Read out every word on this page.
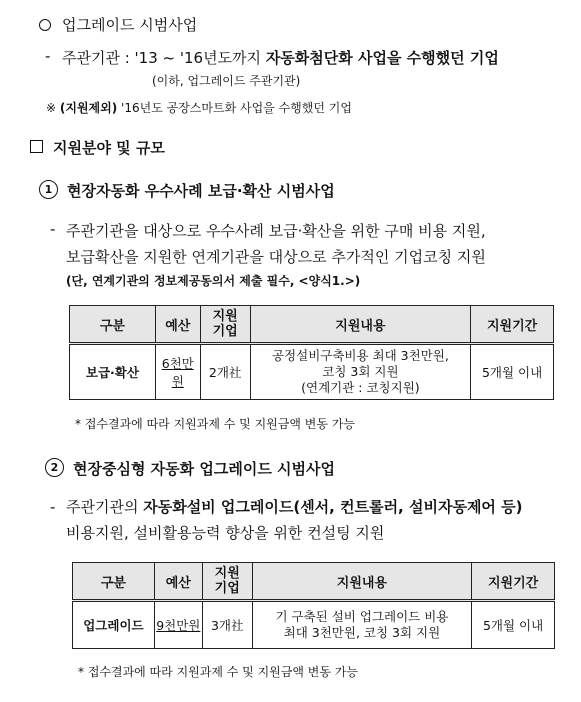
업그레이드 시범사업
- 주관기관 : '13 ~ '16년도까지 자동화첨단화 사업을 수행했던 기업
(이하, 업그레이드 주관기관)
※ (지원제외) '16년도 공장스마트화 사업을 수행했던 기업
지원분야 및 규모
1 현장자동화 우수사례 보급·확산 시범사업
- 주관기관을 대상으로 우수사례 보급·확산을 위한 구매 비용 지원,
보급확산을 지원한 연계기관을 대상으로 추가적인 기업코칭 지원
(단, 연계기관의 정보제공동의서 제출 필수, <양식1.>)
구분	예산	지원 기업	지원내용	지원기간
보급·확산	6천만원	2개社	공정설비구축비용 최대 3천만원,
코칭 3회 지원
(연계기관 : 코칭지원)	5개월 이내
* 접수결과에 따라 지원과제 수 및 지원금액 변동 가능
2 현장중심형 자동화 업그레이드 시범사업
- 주관기관의 자동화설비 업그레이드(센서, 컨트롤러, 설비자동제어 등)
비용지원, 설비활용능력 향상을 위한 컨설팅 지원
구분	예산	지원 기업	지원내용	지원기간
업그레이드	9천만원	3개社	기 구축된 설비 업그레이드 비용
최대 3천만원, 코칭 3회 지원	5개월 이내
* 접수결과에 따라 지원과제 수 및 지원금액 변동 가능
